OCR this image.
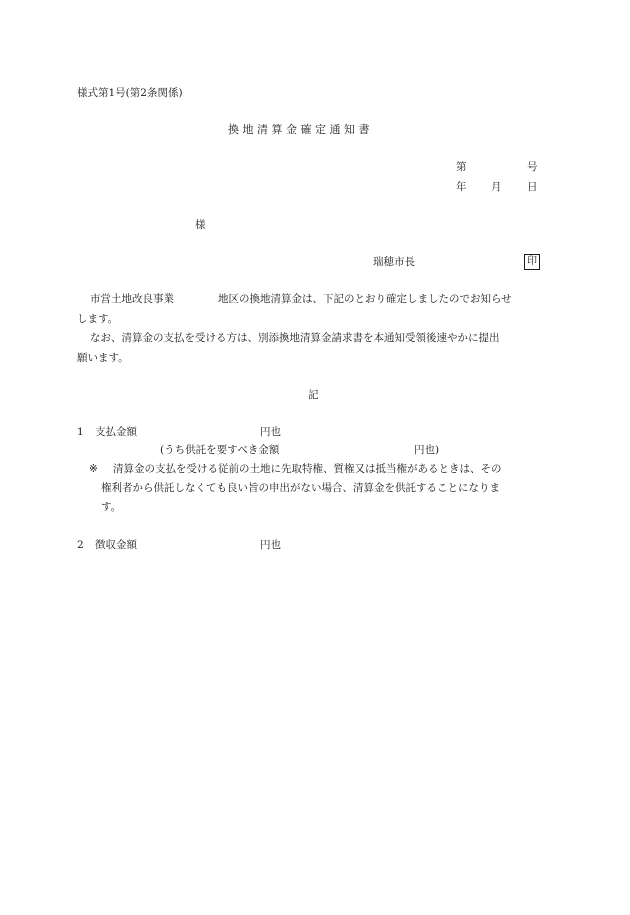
様式第1号(第2条関係)
換 地 清 算 金 確 定 通 知 書
第	号
年 月 日
様
瑞穂市長	印
市営土地改良事業	地区の換地清算金は、下記のとおり確定しましたのでお知らせ
します。
なお、清算金の支払を受ける方は、別添換地清算金請求書を本通知受領後速やかに提出
願います。
記
1 支払金額	円也
(うち供託を要すべき金額	円也)
※ 清算金の支払を受ける従前の土地に先取特権、質権又は抵当権があるときは、その
権利者から供託しなくても良い旨の申出がない場合、清算金を供託することになりま
す。
2 徴収金額	円也
